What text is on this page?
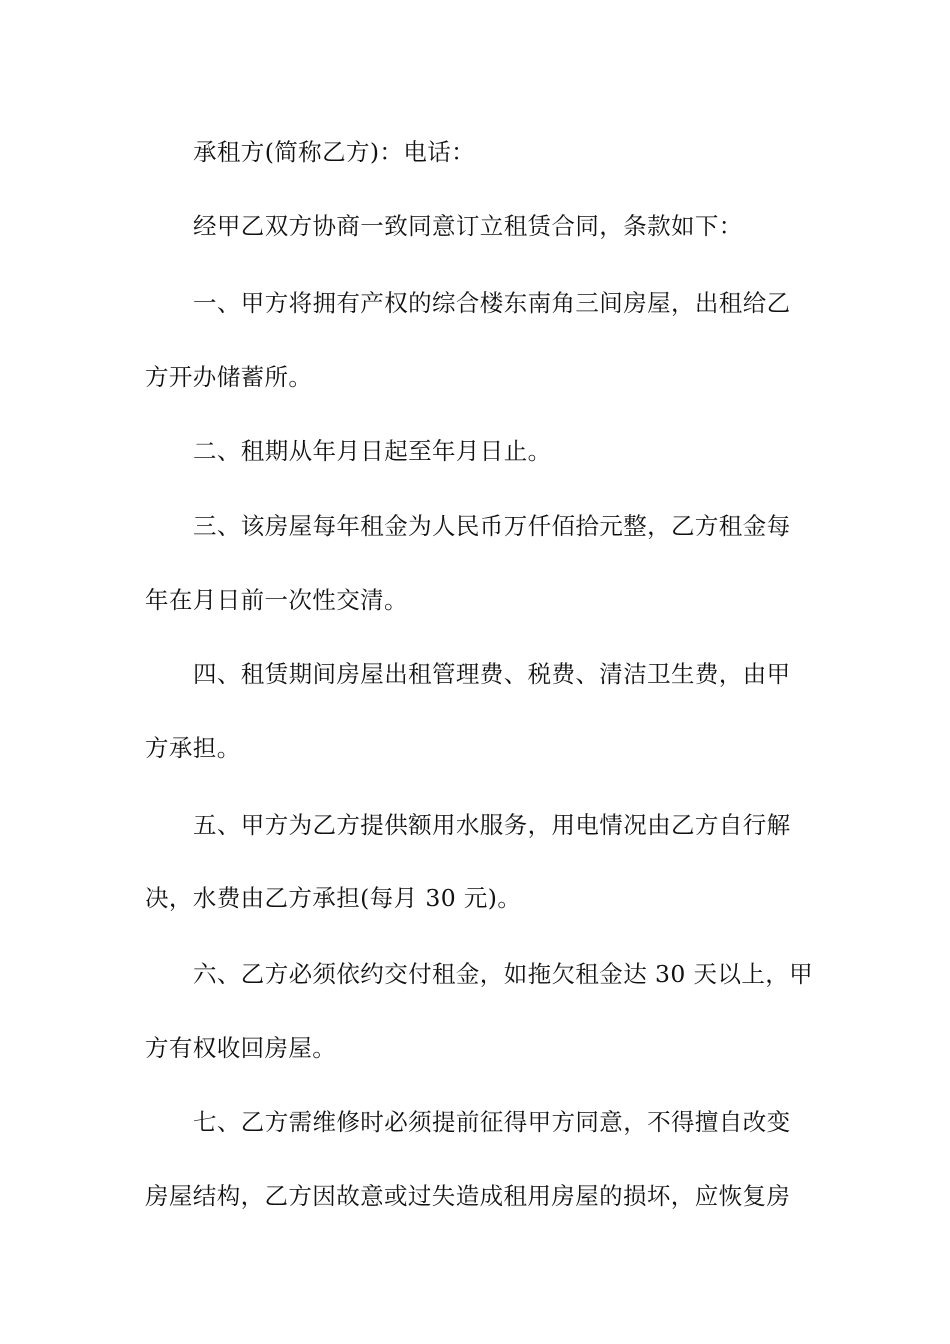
承租方(简称乙方)：电话：
经甲乙双方协商一致同意订立租赁合同，条款如下：
一、甲方将拥有产权的综合楼东南角三间房屋，出租给乙
方开办储蓄所。
二、租期从年月日起至年月日止。
三、该房屋每年租金为人民币万仟佰拾元整，乙方租金每
年在月日前一次性交清。
四、租赁期间房屋出租管理费、税费、清洁卫生费，由甲
方承担。
五、甲方为乙方提供额用水服务，用电情况由乙方自行解
决，水费由乙方承担(每月 30 元)。
六、乙方必须依约交付租金，如拖欠租金达 30 天以上，甲
方有权收回房屋。
七、乙方需维修时必须提前征得甲方同意，不得擅自改变
房屋结构，乙方因故意或过失造成租用房屋的损坏，应恢复房
